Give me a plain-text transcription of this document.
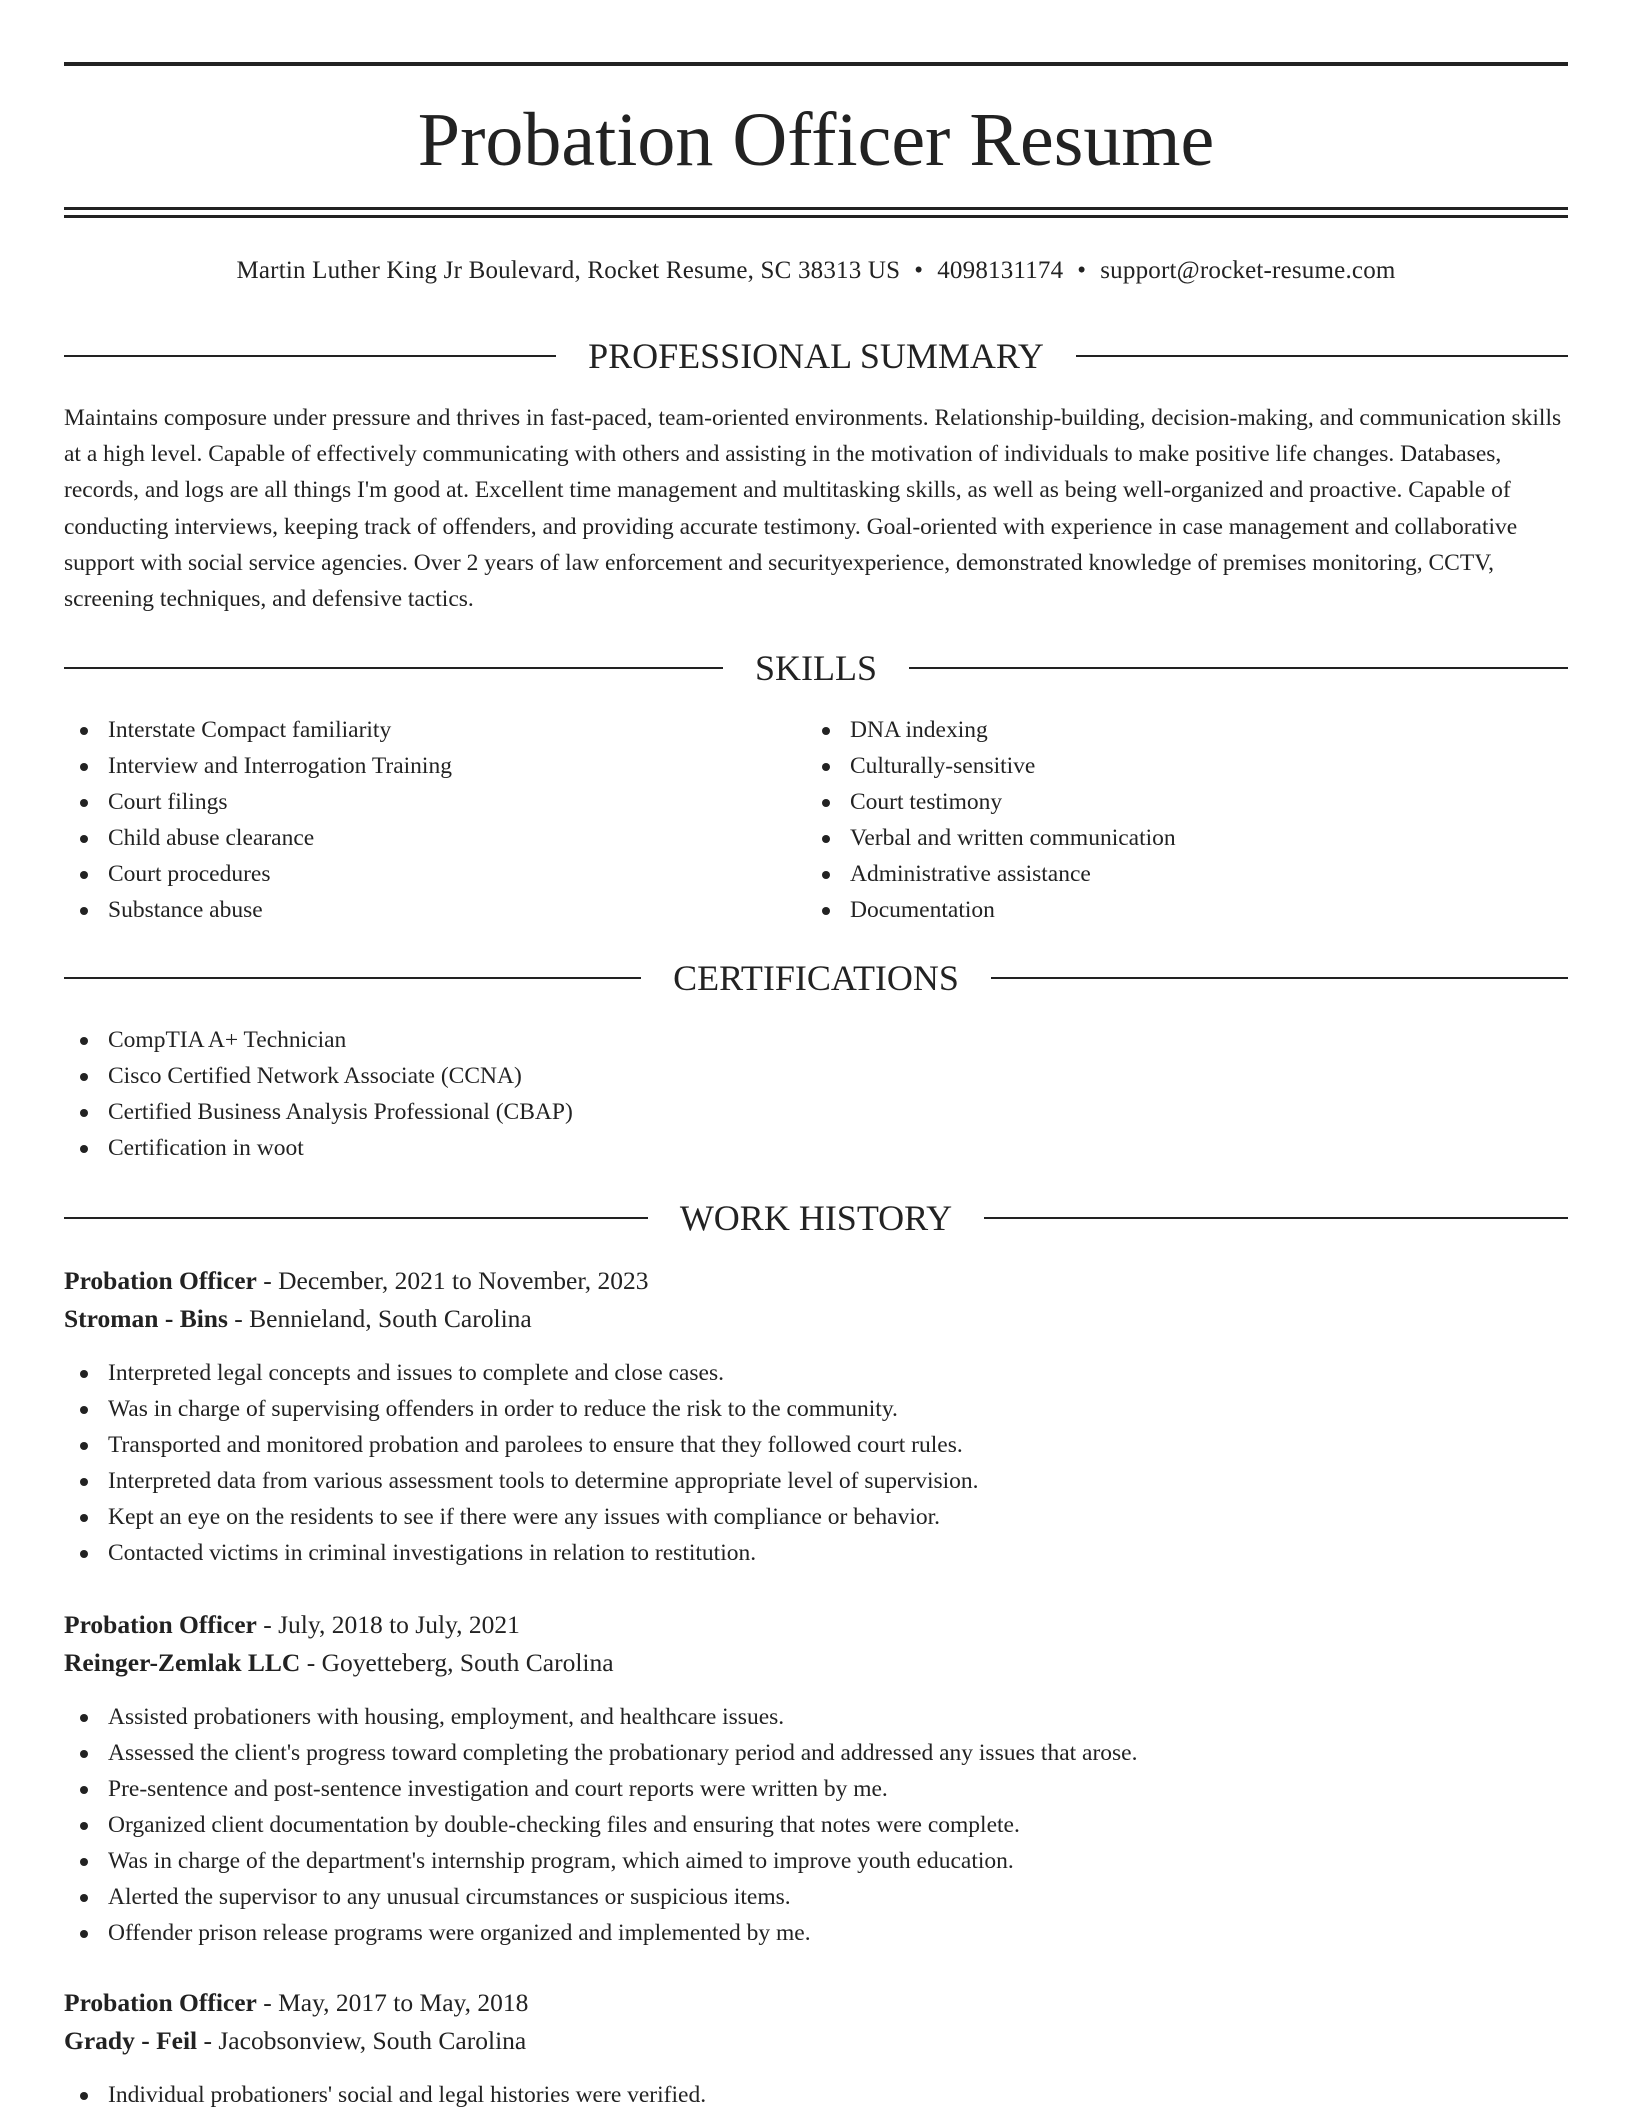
Probation Officer Resume
Martin Luther King Jr Boulevard, Rocket Resume, SC 38313 US • 4098131174 • support@rocket-resume.com
PROFESSIONAL SUMMARY

Maintains composure under pressure and thrives in fast-paced, team-oriented environments. Relationship-building, decision-making, and communication skills at a high level. Capable of effectively communicating with others and assisting in the motivation of individuals to make positive life changes. Databases, records, and logs are all things I'm good at. Excellent time management and multitasking skills, as well as being well-organized and proactive. Capable of conducting interviews, keeping track of offenders, and providing accurate testimony. Goal-oriented with experience in case management and collaborative support with social service agencies. Over 2 years of law enforcement and securityexperience, demonstrated knowledge of premises monitoring, CCTV, screening techniques, and defensive tactics.

SKILLS
Interstate Compact familiarity
Interview and Interrogation Training
Court filings
Child abuse clearance
Court procedures
Substance abuse
DNA indexing
Culturally-sensitive
Court testimony
Verbal and written communication
Administrative assistance
Documentation
CERTIFICATIONS
CompTIA A+ Technician
Cisco Certified Network Associate (CCNA)
Certified Business Analysis Professional (CBAP)
Certification in woot
WORK HISTORY
Probation Officer - December, 2021 to November, 2023
Stroman - Bins - Bennieland, South Carolina
Interpreted legal concepts and issues to complete and close cases.
Was in charge of supervising offenders in order to reduce the risk to the community.
Transported and monitored probation and parolees to ensure that they followed court rules.
Interpreted data from various assessment tools to determine appropriate level of supervision.
Kept an eye on the residents to see if there were any issues with compliance or behavior.
Contacted victims in criminal investigations in relation to restitution.
Probation Officer - July, 2018 to July, 2021
Reinger-Zemlak LLC - Goyetteberg, South Carolina
Assisted probationers with housing, employment, and healthcare issues.
Assessed the client's progress toward completing the probationary period and addressed any issues that arose.
Pre-sentence and post-sentence investigation and court reports were written by me.
Organized client documentation by double-checking files and ensuring that notes were complete.
Was in charge of the department's internship program, which aimed to improve youth education.
Alerted the supervisor to any unusual circumstances or suspicious items.
Offender prison release programs were organized and implemented by me.
Probation Officer - May, 2017 to May, 2018
Grady - Feil - Jacobsonview, South Carolina
Individual probationers' social and legal histories were verified.
